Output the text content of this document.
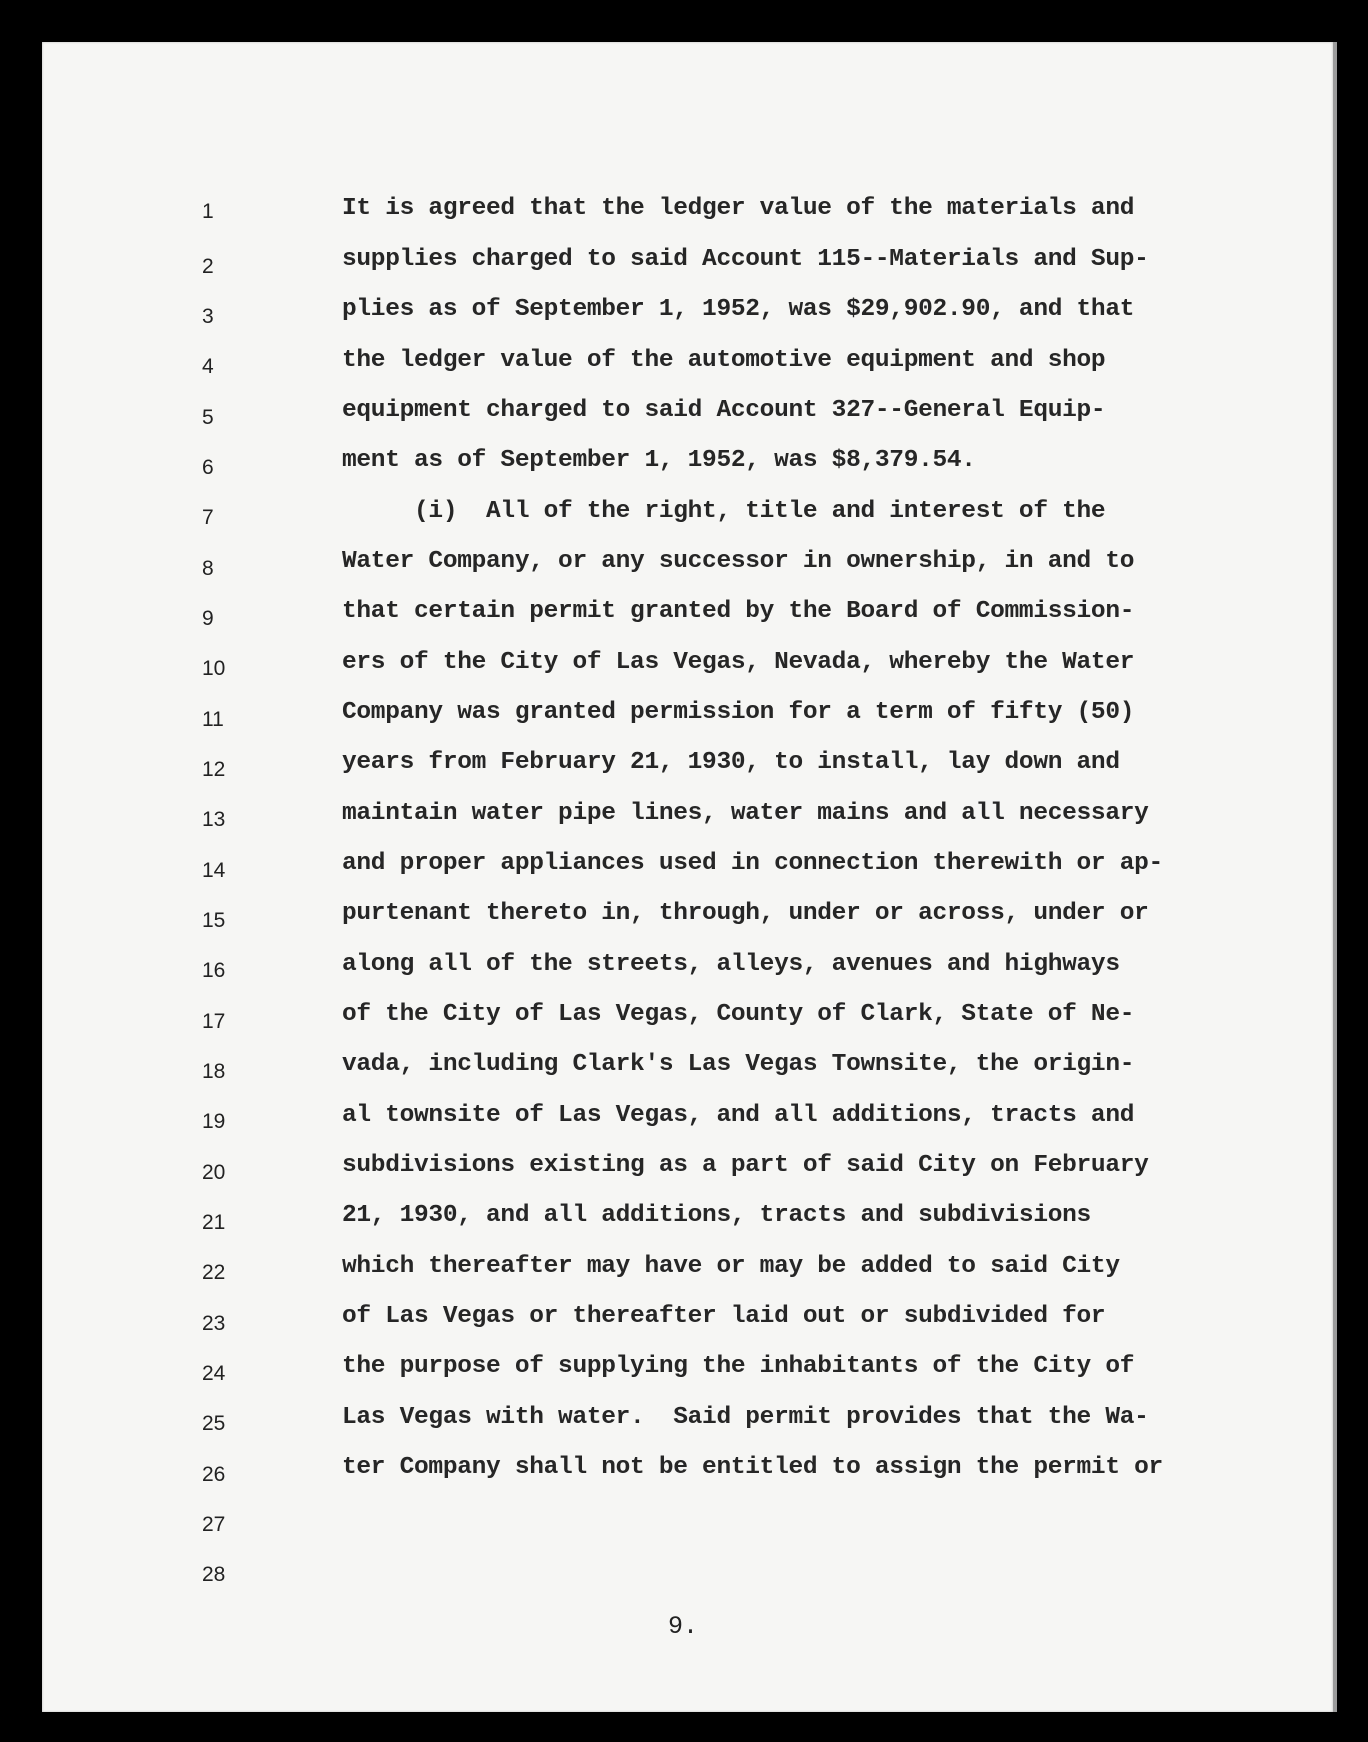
1
2
3
4
5
6
7
8
9
10
11
12
13
14
15
16
17
18
19
20
21
22
23
24
25
26
27
28
It is agreed that the ledger value of the materials and
supplies charged to said Account 115--Materials and Sup-
plies as of September 1, 1952, was $29,902.90, and that
the ledger value of the automotive equipment and shop
equipment charged to said Account 327--General Equip-
ment as of September 1, 1952, was $8,379.54.
(i)  All of the right, title and interest of the
Water Company, or any successor in ownership, in and to
that certain permit granted by the Board of Commission-
ers of the City of Las Vegas, Nevada, whereby the Water
Company was granted permission for a term of fifty (50)
years from February 21, 1930, to install, lay down and
maintain water pipe lines, water mains and all necessary
and proper appliances used in connection therewith or ap-
purtenant thereto in, through, under or across, under or
along all of the streets, alleys, avenues and highways
of the City of Las Vegas, County of Clark, State of Ne-
vada, including Clark's Las Vegas Townsite, the origin-
al townsite of Las Vegas, and all additions, tracts and
subdivisions existing as a part of said City on February
21, 1930, and all additions, tracts and subdivisions
which thereafter may have or may be added to said City
of Las Vegas or thereafter laid out or subdivided for
the purpose of supplying the inhabitants of the City of
Las Vegas with water.  Said permit provides that the Wa-
ter Company shall not be entitled to assign the permit or
9.
